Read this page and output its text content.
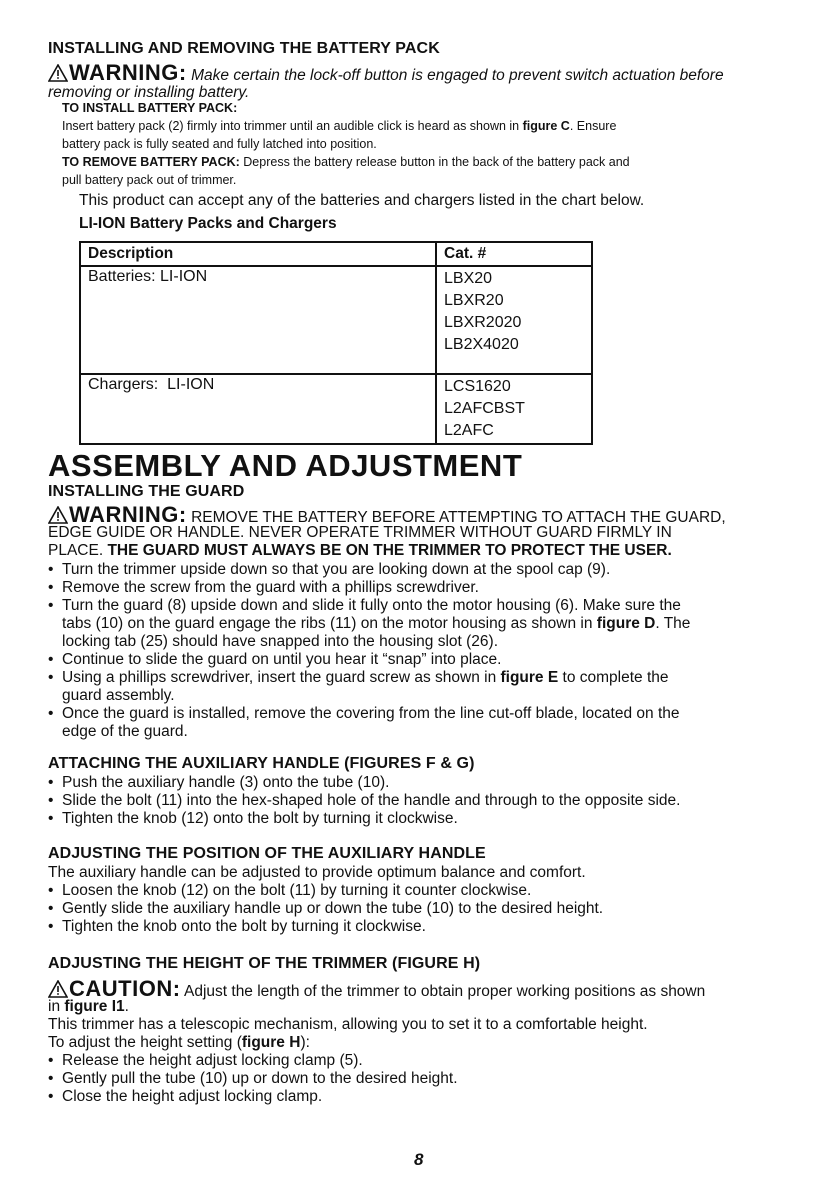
INSTALLING AND REMOVING THE BATTERY PACK
WARNING: Make certain the lock-off button is engaged to prevent switch actuation before
removing or installing battery.
TO INSTALL BATTERY PACK:
Insert battery pack (2) firmly into trimmer until an audible click is heard as shown in figure C. Ensure
battery pack is fully seated and fully latched into position.
TO REMOVE BATTERY PACK: Depress the battery release button in the back of the battery pack and
pull battery pack out of trimmer.
This product can accept any of the batteries and chargers listed in the chart below.
LI-ION Battery Packs and Chargers
Description	Cat. #
Batteries: LI-ION	LBX20
LBXR20
LBXR2020
LB2X4020

Chargers:  LI-ION	LCS1620
L2AFCBST
L2AFC
ASSEMBLY AND ADJUSTMENT
INSTALLING THE GUARD
WARNING: REMOVE THE BATTERY BEFORE ATTEMPTING TO ATTACH THE GUARD,
EDGE GUIDE OR HANDLE. NEVER OPERATE TRIMMER WITHOUT GUARD FIRMLY IN
PLACE. THE GUARD MUST ALWAYS BE ON THE TRIMMER TO PROTECT THE USER.
• Turn the trimmer upside down so that you are looking down at the spool cap (9).
• Remove the screw from the guard with a phillips screwdriver.
• Turn the guard (8) upside down and slide it fully onto the motor housing (6). Make sure the
tabs (10) on the guard engage the ribs (11) on the motor housing as shown in figure D. The
locking tab (25) should have snapped into the housing slot (26).
• Continue to slide the guard on until you hear it “snap” into place.
• Using a phillips screwdriver, insert the guard screw as shown in figure E to complete the
guard assembly.
• Once the guard is installed, remove the covering from the line cut-off blade, located on the
edge of the guard.
ATTACHING THE AUXILIARY HANDLE (FIGURES F & G)
• Push the auxiliary handle (3) onto the tube (10).
• Slide the bolt (11) into the hex-shaped hole of the handle and through to the opposite side.
• Tighten the knob (12) onto the bolt by turning it clockwise.
ADJUSTING THE POSITION OF THE AUXILIARY HANDLE
The auxiliary handle can be adjusted to provide optimum balance and comfort.
• Loosen the knob (12) on the bolt (11) by turning it counter clockwise.
• Gently slide the auxiliary handle up or down the tube (10) to the desired height.
• Tighten the knob onto the bolt by turning it clockwise.
ADJUSTING THE HEIGHT OF THE TRIMMER (FIGURE H)
CAUTION: Adjust the length of the trimmer to obtain proper working positions as shown
in figure I1.
This trimmer has a telescopic mechanism, allowing you to set it to a comfortable height.
To adjust the height setting (figure H):
• Release the height adjust locking clamp (5).
• Gently pull the tube (10) up or down to the desired height.
• Close the height adjust locking clamp.
8
